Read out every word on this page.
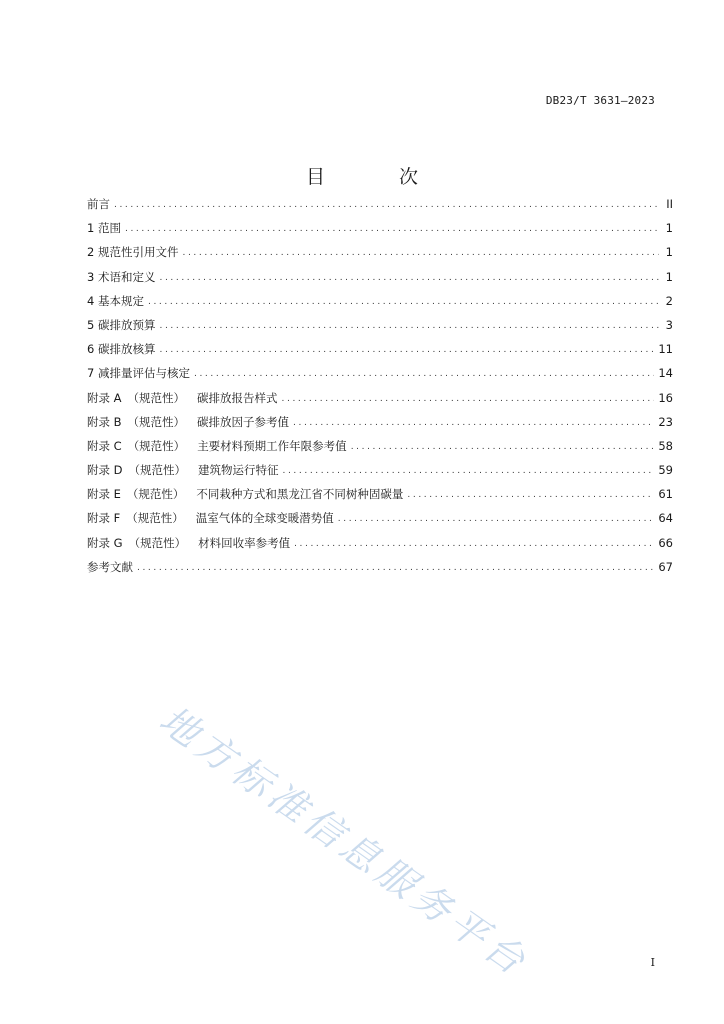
DB23/T 3631—2023
目 次
前言 .....	II
1 范围 .....	1
2 规范性引用文件 .....	1
3 术语和定义 .....	1
4 基本规定 .....	2
5 碳排放预算 .....	3
6 碳排放核算 .....	11
7 减排量评估与核定 .....	14
附录 A （规范性） 碳排放报告样式 .....	16
附录 B （规范性） 碳排放因子参考值 .....	23
附录 C （规范性） 主要材料预期工作年限参考值 .....	58
附录 D （规范性） 建筑物运行特征 .....	59
附录 E （规范性） 不同栽种方式和黑龙江省不同树种固碳量 .....	61
附录 F （规范性） 温室气体的全球变暖潜势值 .....	64
附录 G （规范性） 材料回收率参考值 .....	66
参考文献 .....	67
地方标准信息服务平台	I
